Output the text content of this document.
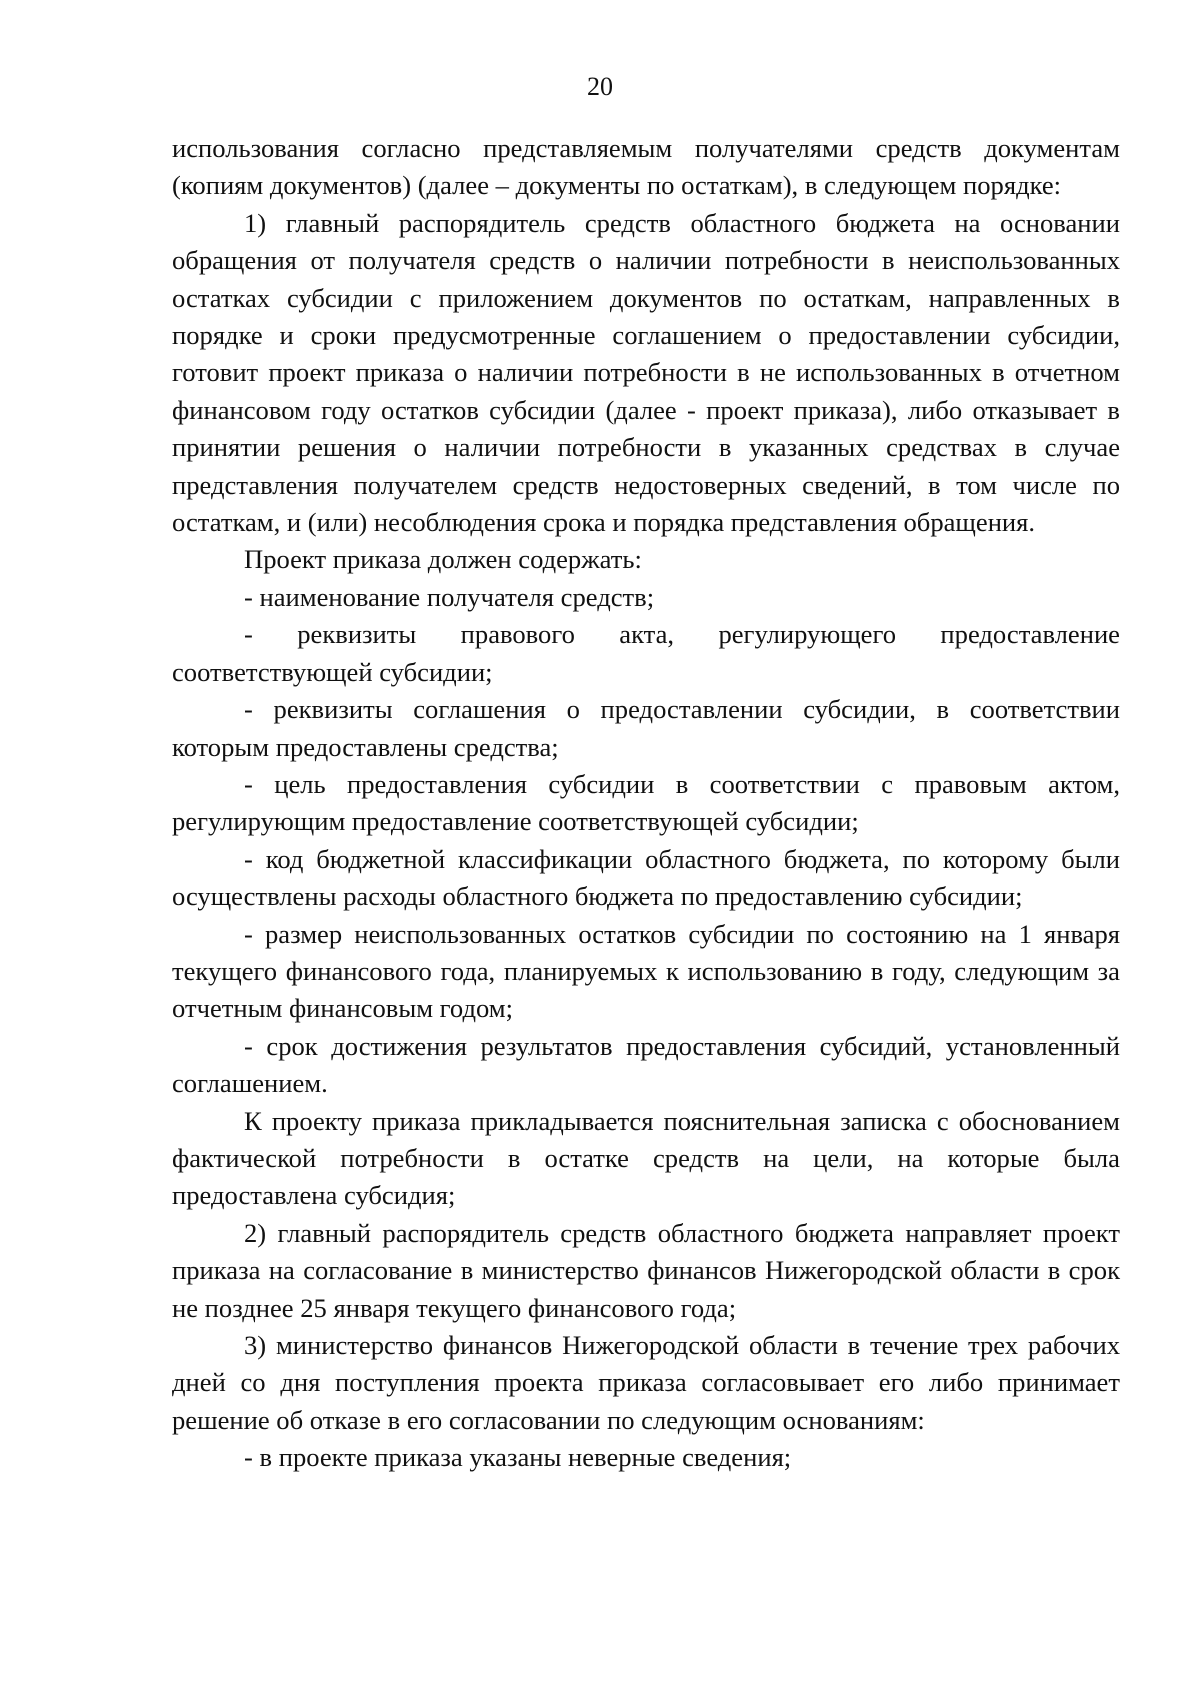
20

использования согласно представляемым получателями средств документам (копиям документов) (далее – документы по остаткам), в следующем порядке:

1) главный распорядитель средств областного бюджета на основании обращения от получателя средств о наличии потребности в неиспользованных остатках субсидии с приложением документов по остаткам, направленных в порядке и сроки предусмотренные соглашением о предоставлении субсидии, готовит проект приказа о наличии потребности в не использованных в отчетном финансовом году остатков субсидии (далее - проект приказа), либо отказывает в принятии решения о наличии потребности в указанных средствах в случае представления получателем средств недостоверных сведений, в том числе по остаткам, и (или) несоблюдения срока и порядка представления обращения.

Проект приказа должен содержать:

- наименование получателя средств;

- реквизиты правового акта, регулирующего предоставление соответствующей субсидии;

- реквизиты соглашения о предоставлении субсидии, в соответствии которым предоставлены средства;

- цель предоставления субсидии в соответствии с правовым актом, регулирующим предоставление соответствующей субсидии;

- код бюджетной классификации областного бюджета, по которому были осуществлены расходы областного бюджета по предоставлению субсидии;

- размер неиспользованных остатков субсидии по состоянию на 1 января текущего финансового года, планируемых к использованию в году, следующим за отчетным финансовым годом;

- срок достижения результатов предоставления субсидий, установленный соглашением.

К проекту приказа прикладывается пояснительная записка с обоснованием фактической потребности в остатке средств на цели, на которые была предоставлена субсидия;

2) главный распорядитель средств областного бюджета направляет проект приказа на согласование в министерство финансов Нижегородской области в срок не позднее 25 января текущего финансового года;

3) министерство финансов Нижегородской области в течение трех рабочих дней со дня поступления проекта приказа согласовывает его либо принимает решение об отказе в его согласовании по следующим основаниям:

- в проекте приказа указаны неверные сведения;
